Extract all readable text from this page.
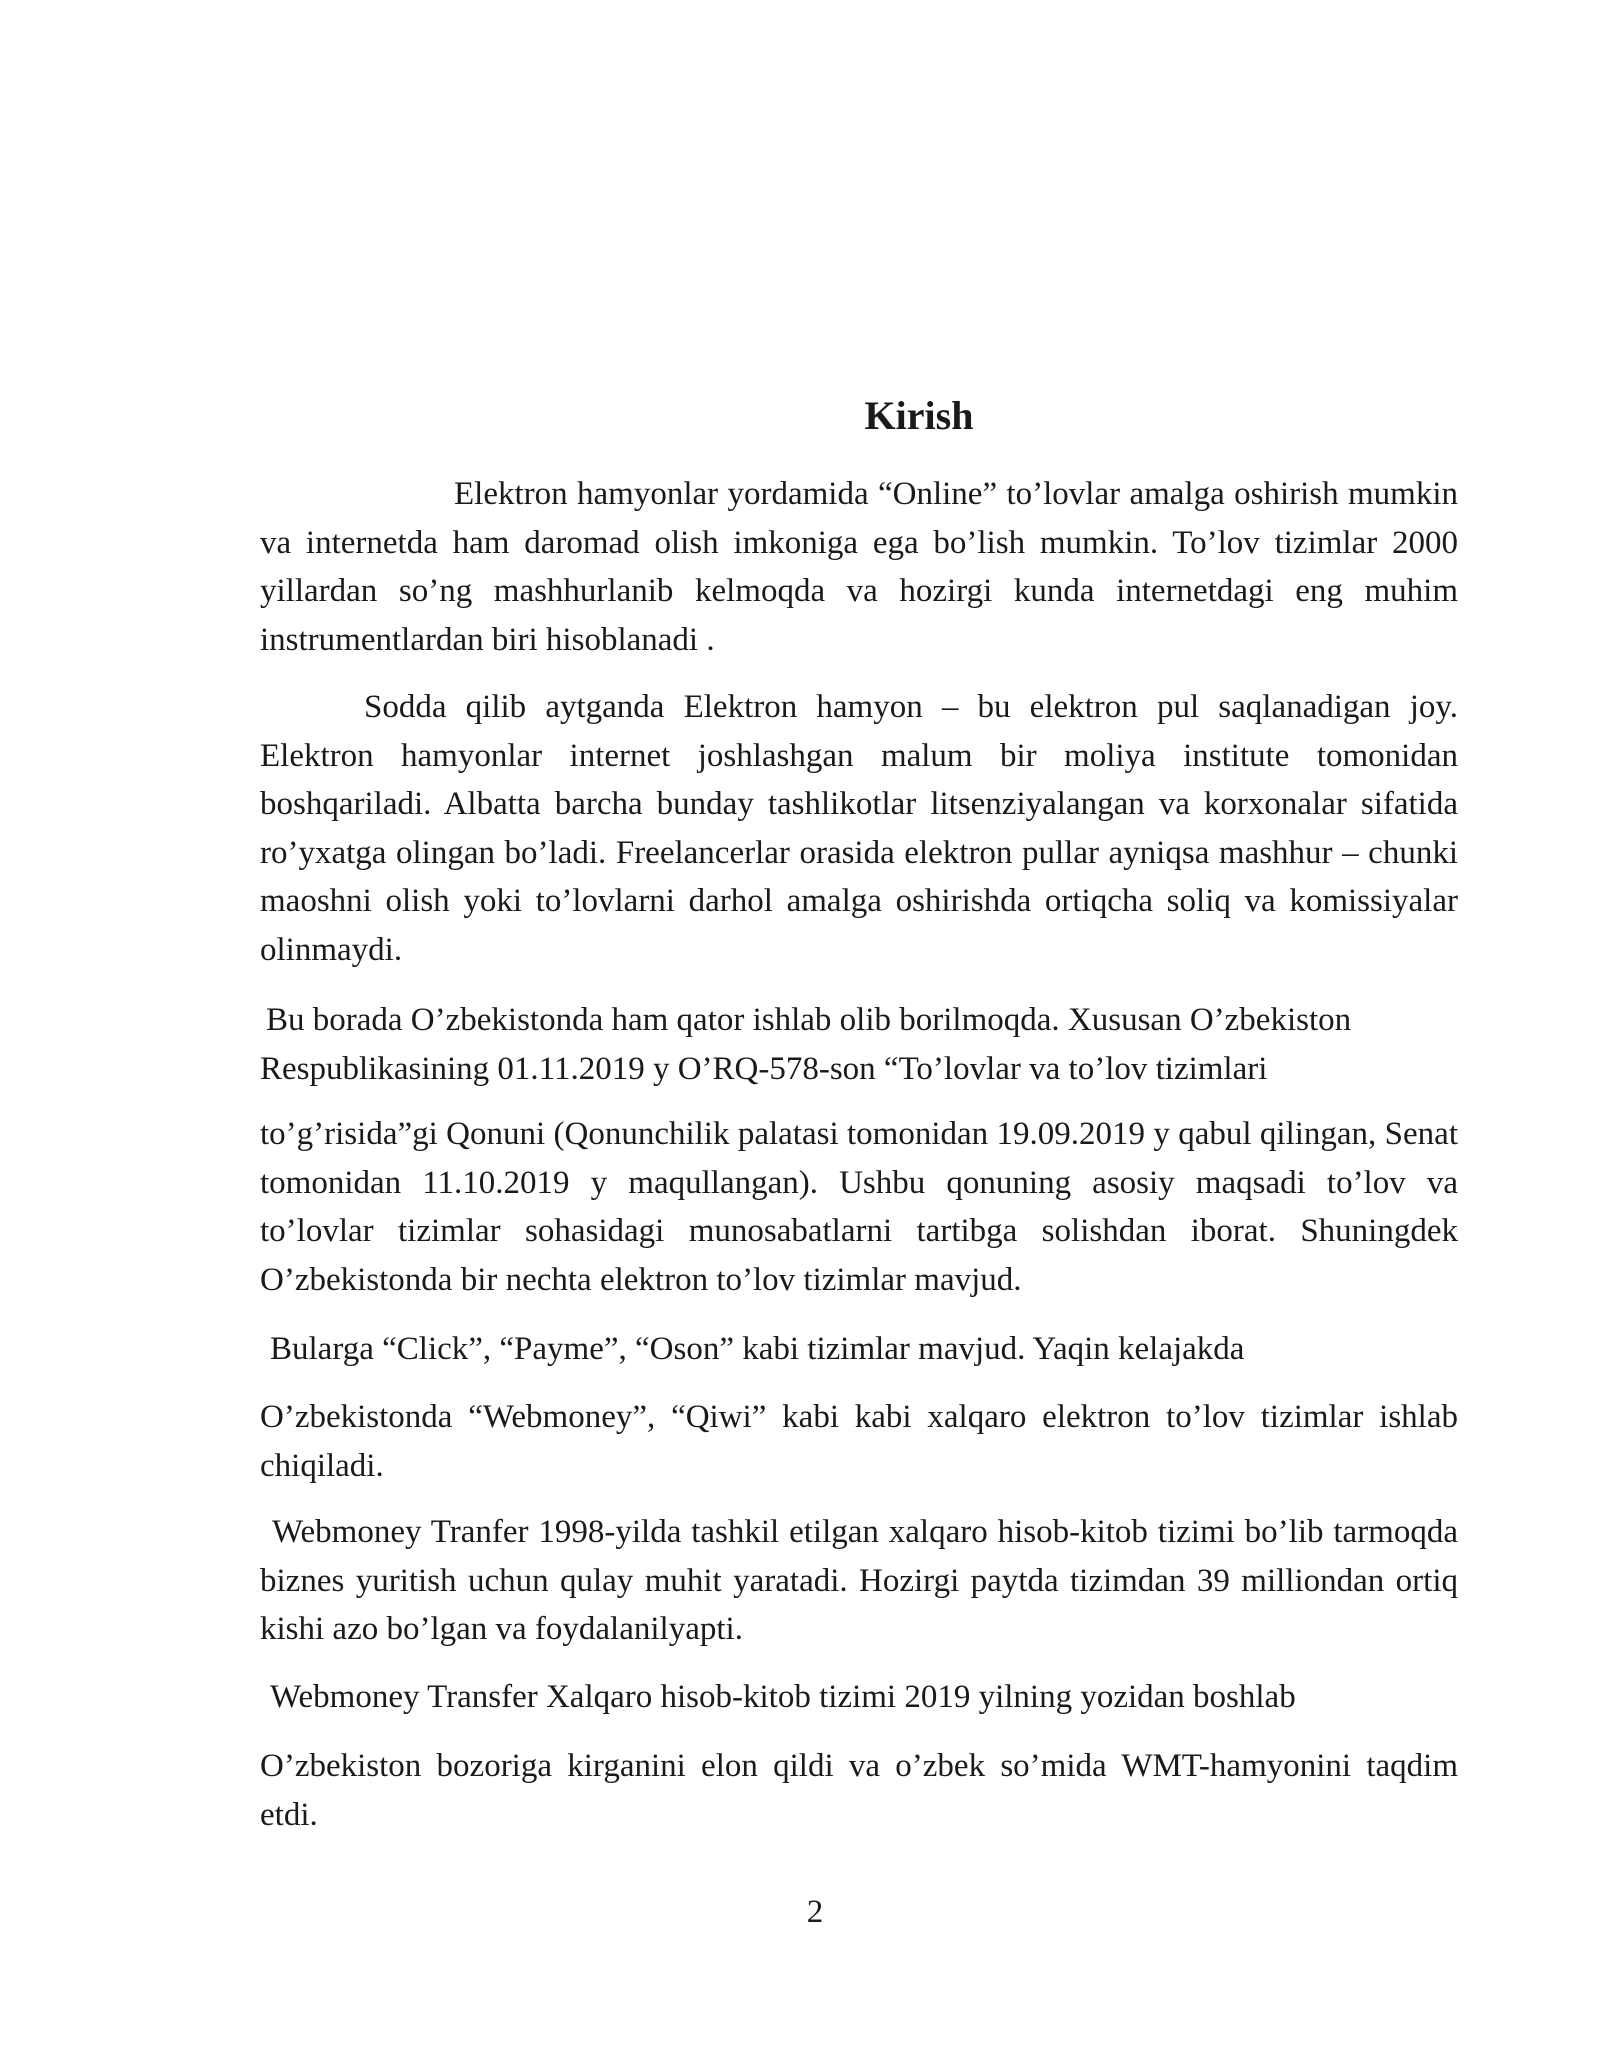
Kirish

Elektron hamyonlar yordamida “Online” to’lovlar amalga oshirish mumkin va internetda ham daromad olish imkoniga ega bo’lish mumkin. To’lov tizimlar 2000 yillardan so’ng mashhurlanib kelmoqda va hozirgi kunda internetdagi eng muhim instrumentlardan biri hisoblanadi .

Sodda qilib aytganda Elektron hamyon – bu elektron pul saqlanadigan joy. Elektron hamyonlar internet joshlashgan malum bir moliya institute tomonidan boshqariladi. Albatta barcha bunday tashlikotlar litsenziyalangan va korxonalar sifatida ro’yxatga olingan bo’ladi. Freelancerlar orasida elektron pullar ayniqsa mashhur – chunki maoshni olish yoki to’lovlarni darhol amalga oshirishda ortiqcha soliq va komissiyalar olinmaydi.

Bu borada O’zbekistonda ham qator ishlab olib borilmoqda. Xususan O’zbekiston Respublikasining 01.11.2019 y O’RQ-578-son “To’lovlar va to’lov tizimlari

to’g’risida”gi Qonuni (Qonunchilik palatasi tomonidan 19.09.2019 y qabul qilingan, Senat tomonidan 11.10.2019 y maqullangan). Ushbu qonuning asosiy maqsadi to’lov va to’lovlar tizimlar sohasidagi munosabatlarni tartibga solishdan iborat. Shuningdek O’zbekistonda bir nechta elektron to’lov tizimlar mavjud.

Bularga “Click”, “Payme”, “Oson” kabi tizimlar mavjud. Yaqin kelajakda

O’zbekistonda “Webmoney”, “Qiwi” kabi kabi xalqaro elektron to’lov tizimlar ishlab chiqiladi.

Webmoney Tranfer 1998-yilda tashkil etilgan xalqaro hisob-kitob tizimi bo’lib tarmoqda biznes yuritish uchun qulay muhit yaratadi. Hozirgi paytda tizimdan 39 milliondan ortiq kishi azo bo’lgan va foydalanilyapti.

Webmoney Transfer Xalqaro hisob-kitob tizimi 2019 yilning yozidan boshlab

O’zbekiston bozoriga kirganini elon qildi va o’zbek so’mida WMT-hamyonini taqdim etdi.

2
